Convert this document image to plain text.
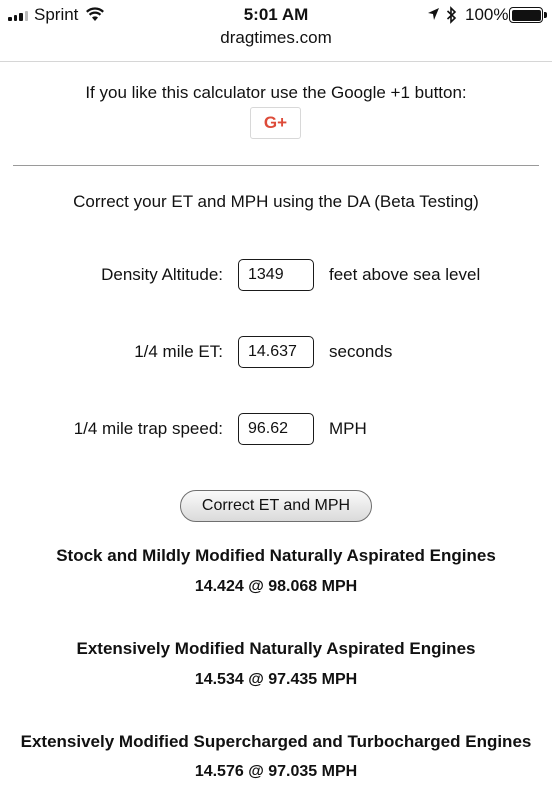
Sprint	5:01 AM	100%
dragtimes.com
If you like this calculator use the Google +1 button:
G+
Correct your ET and MPH using the DA (Beta Testing)
Density Altitude:
1349	feet above sea level
1/4 mile ET:
14.637	seconds
1/4 mile trap speed:
96.62	MPH
Correct ET and MPH
Stock and Mildly Modified Naturally Aspirated Engines
14.424 @ 98.068 MPH
Extensively Modified Naturally Aspirated Engines
14.534 @ 97.435 MPH
Extensively Modified Supercharged and Turbocharged Engines
14.576 @ 97.035 MPH
